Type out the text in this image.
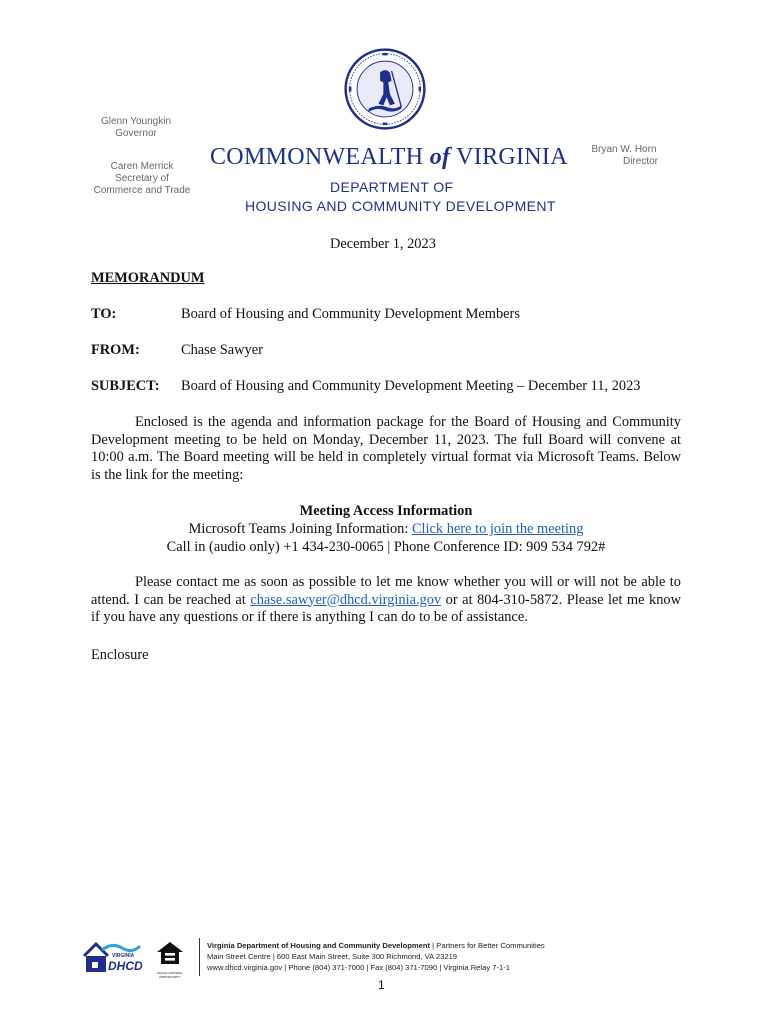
Glenn Youngkin
Governor
Caren Merrick
Secretary of
Commerce and Trade
Bryan W. Horn
Director
COMMONWEALTH of VIRGINIA
DEPARTMENT OF
HOUSING AND COMMUNITY DEVELOPMENT
December 1, 2023
MEMORANDUM
TO:	Board of Housing and Community Development Members
FROM:	Chase Sawyer
SUBJECT: Board of Housing and Community Development Meeting – December 11, 2023
Enclosed is the agenda and information package for the Board of Housing and Community Development meeting to be held on Monday, December 11, 2023. The full Board will convene at 10:00 a.m. The Board meeting will be held in completely virtual format via Microsoft Teams. Below is the link for the meeting:
Meeting Access Information
Microsoft Teams Joining Information: Click here to join the meeting
Call in (audio only) +1 434-230-0065 | Phone Conference ID: 909 534 792#
Please contact me as soon as possible to let me know whether you will or will not be able to attend. I can be reached at chase.sawyer@dhcd.virginia.gov or at 804-310-5872. Please let me know if you have any questions or if there is anything I can do to be of assistance.
Enclosure
VIRGINIA
DHCD	EQUAL HOUSING OPPORTUNITY
Virginia Department of Housing and Community Development | Partners for Better Communities
Main Street Centre | 600 East Main Street, Suite 300 Richmond, VA 23219
www.dhcd.virginia.gov | Phone (804) 371-7000 | Fax (804) 371-7090 | Virginia Relay 7-1-1
1
